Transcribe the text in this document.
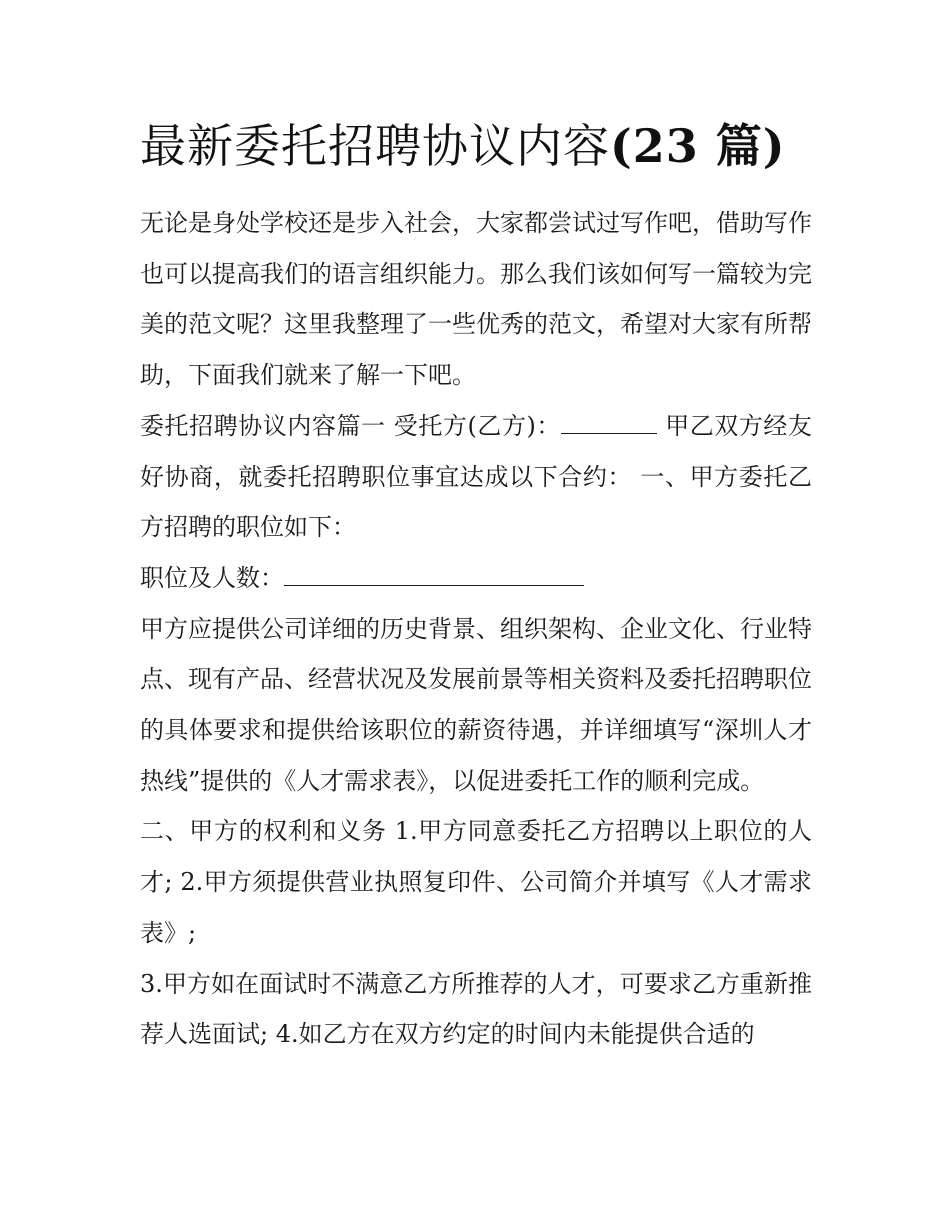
最新委托招聘协议内容(23 篇)

无论是身处学校还是步入社会，大家都尝试过写作吧，借助写作也可以提高我们的语言组织能力。那么我们该如何写一篇较为完美的范文呢？这里我整理了一些优秀的范文，希望对大家有所帮助，下面我们就来了解一下吧。

委托招聘协议内容篇一 受托方(乙方)：	甲乙双方经友好协商，就委托招聘职位事宜达成以下合约： 一、甲方委托乙方招聘的职位如下：

职位及人数：

甲方应提供公司详细的历史背景、组织架构、企业文化、行业特点、现有产品、经营状况及发展前景等相关资料及委托招聘职位的具体要求和提供给该职位的薪资待遇，并详细填写“深圳人才热线”提供的《人才需求表》，以促进委托工作的顺利完成。

二、甲方的权利和义务 1.甲方同意委托乙方招聘以上职位的人才; 2.甲方须提供营业执照复印件、公司简介并填写《人才需求表》;

3.甲方如在面试时不满意乙方所推荐的人才，可要求乙方重新推荐人选面试; 4.如乙方在双方约定的时间内未能提供合适的
